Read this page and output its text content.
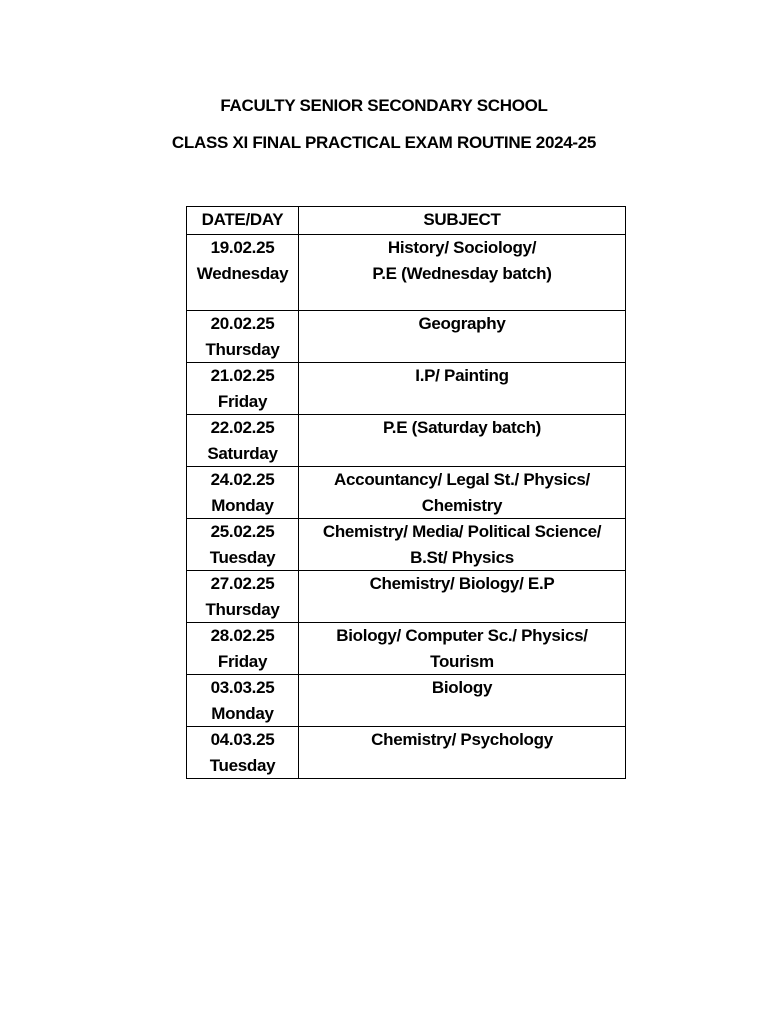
FACULTY SENIOR SECONDARY SCHOOL
CLASS XI FINAL PRACTICAL EXAM ROUTINE 2024-25
DATE/DAY	SUBJECT

19.02.25
Wednesday	History/ Sociology/
P.E (Wednesday batch)

20.02.25
Thursday	Geography

21.02.25
Friday	I.P/ Painting

22.02.25
Saturday	P.E (Saturday batch)

24.02.25
Monday	Accountancy/ Legal St./ Physics/
Chemistry

25.02.25
Tuesday	Chemistry/ Media/ Political Science/
B.St/ Physics

27.02.25
Thursday	Chemistry/ Biology/ E.P

28.02.25
Friday	Biology/ Computer Sc./ Physics/
Tourism

03.03.25
Monday	Biology

04.03.25
Tuesday	Chemistry/ Psychology
